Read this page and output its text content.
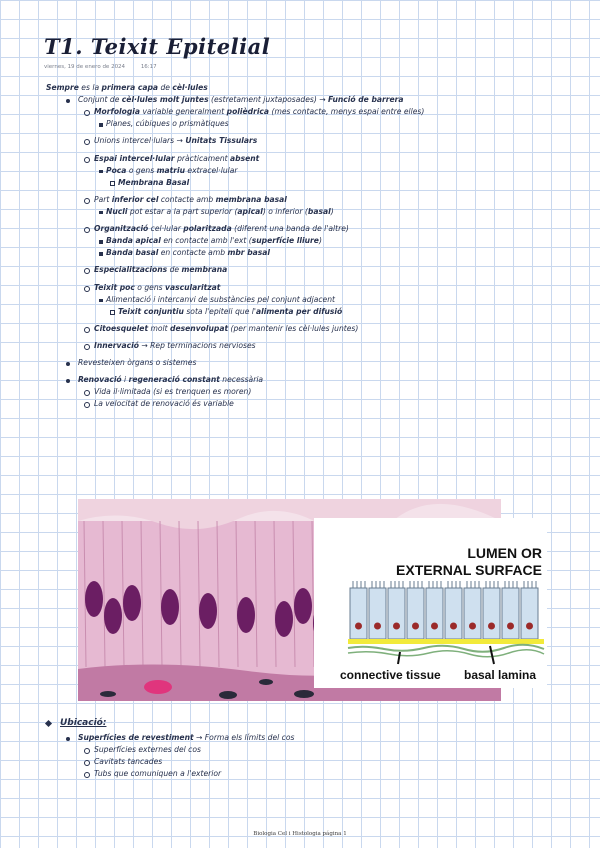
T1. Teixit Epitelial
viernes, 19 de enero de 2024	16:17
Sempre es la primera capa de cèl·lules
Conjunt de cèl·lules molt juntes (estretament juxtaposades) → Funció de barrera
Morfologia variable generalment polièdrica (mes contacte, menys espai entre elles)
Planes, cúbiques o prismàtiques
Unions intercel·lulars → Unitats Tissulars
Espai intercel·lular pràcticament absent
Poca o gens matriu extracel·lular
Membrana Basal
Part inferior cel contacte amb membrana basal
Nucli pot estar a la part superior (apical) o inferior (basal)
Organització cel·lular polaritzada (diferent una banda de l'altre)
Banda apical en contacte amb l'ext (superfície lliure)
Banda basal en contacte amb mbr basal
Especialitzacions de membrana
Teixit poc o gens vascularitzat
Alimentació i intercanvi de substàncies pel conjunt adjacent
Teixit conjuntiu sota l'epiteli que l'alimenta per difusió
Citoesquelet molt desenvolupat (per mantenir les cèl·lules juntes)
Innervació → Rep terminacions nervioses
Revesteixen òrgans o sistemes
Renovació i regeneració constant necessària
Vida il·limitada (si es trenquen es moren)
La velocitat de renovació és variable
LUMEN OR
EXTERNAL SURFACE
connective tissue basal lamina
Ubicació:
Superfícies de revestiment → Forma els límits del cos
Superfícies externes del cos
Cavitats tancades
Tubs que comuniquen a l'exterior
Biologia Cel i Histologia página 1
